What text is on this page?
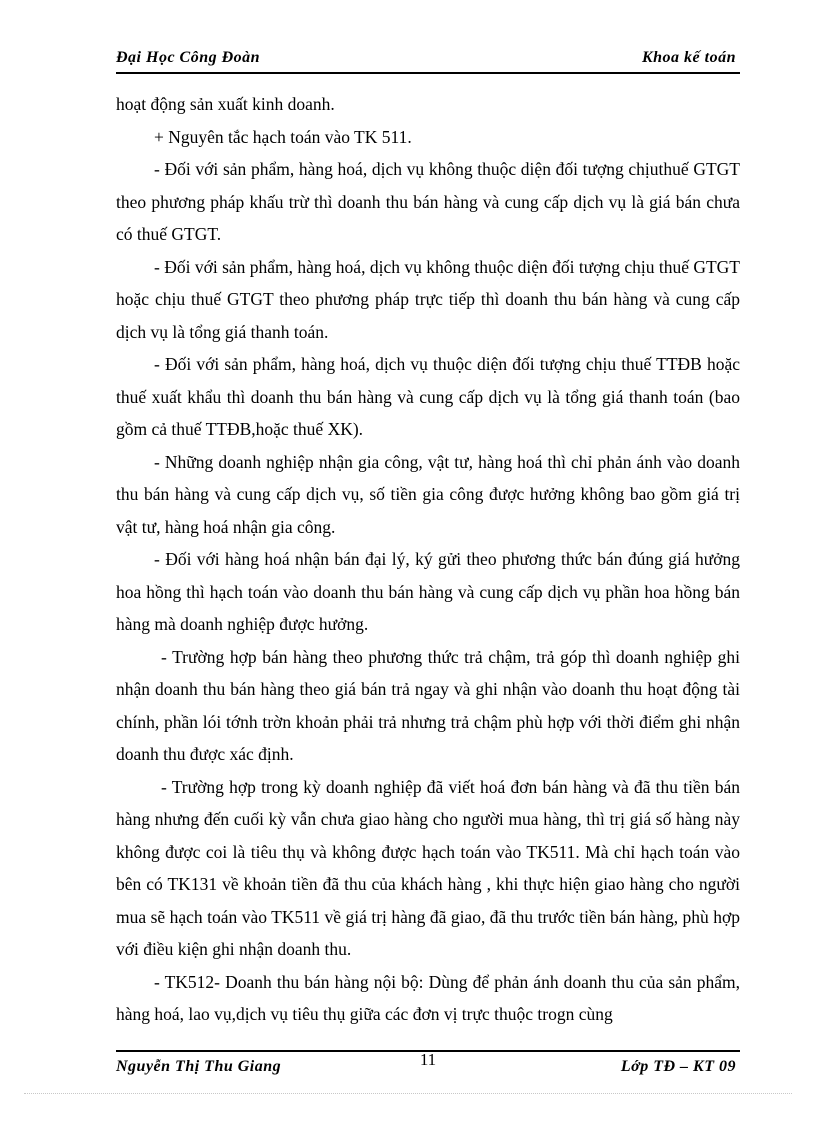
Đại Học Công Đoàn	Khoa kế toán

hoạt động sản xuất kinh doanh.

+ Nguyên tắc hạch toán vào TK 511.

- Đối với sản phẩm, hàng hoá, dịch vụ không thuộc diện đối tượng chịuthuế GTGT theo phương pháp khấu trừ thì doanh thu bán hàng và cung cấp dịch vụ là giá bán chưa có thuế GTGT.

- Đối với sản phẩm, hàng hoá, dịch vụ không thuộc diện đối tượng chịu thuế GTGT hoặc chịu thuế GTGT theo phương pháp trực tiếp thì doanh thu bán hàng và cung cấp dịch vụ là tổng giá thanh toán.

- Đối với sản phẩm, hàng hoá, dịch vụ thuộc diện đối tượng chịu thuế TTĐB hoặc thuế xuất khẩu thì doanh thu bán hàng và cung cấp dịch vụ là tổng giá thanh toán (bao gồm cả thuế TTĐB,hoặc thuế XK).

- Những doanh nghiệp nhận gia công, vật tư, hàng hoá thì chỉ phản ánh vào doanh thu bán hàng và cung cấp dịch vụ, số tiền gia công được hưởng không bao gồm giá trị vật tư, hàng hoá nhận gia công.

- Đối với hàng hoá nhận bán đại lý, ký gửi theo phương thức bán đúng giá hưởng hoa hồng thì hạch toán vào doanh thu bán hàng và cung cấp dịch vụ phần hoa hồng bán hàng mà doanh nghiệp được hưởng.

- Trường hợp bán hàng theo phương thức trả chậm, trả góp thì doanh nghiệp ghi nhận doanh thu bán hàng theo giá bán trả ngay và ghi nhận vào doanh thu hoạt động tài chính, phần lói tớnh trờn khoản phải trả nhưng trả chậm phù hợp với thời điểm ghi nhận doanh thu được xác định.

- Trường hợp trong kỳ doanh nghiệp đã viết hoá đơn bán hàng và đã thu tiền bán hàng nhưng đến cuối kỳ vẫn chưa giao hàng cho người mua hàng, thì trị giá số hàng này không được coi là tiêu thụ và không được hạch toán vào TK511. Mà chỉ hạch toán vào bên có TK131 về khoản tiền đã thu của khách hàng , khi thực hiện giao hàng cho người mua sẽ hạch toán vào TK511 về giá trị hàng đã giao, đã thu trước tiền bán hàng, phù hợp với điều kiện ghi nhận doanh thu.

- TK512- Doanh thu bán hàng nội bộ: Dùng để phản ánh doanh thu của sản phẩm, hàng hoá, lao vụ,dịch vụ tiêu thụ giữa các đơn vị trực thuộc trogn cùng

Nguyễn Thị Thu Giang	11	Lớp TĐ – KT 09
